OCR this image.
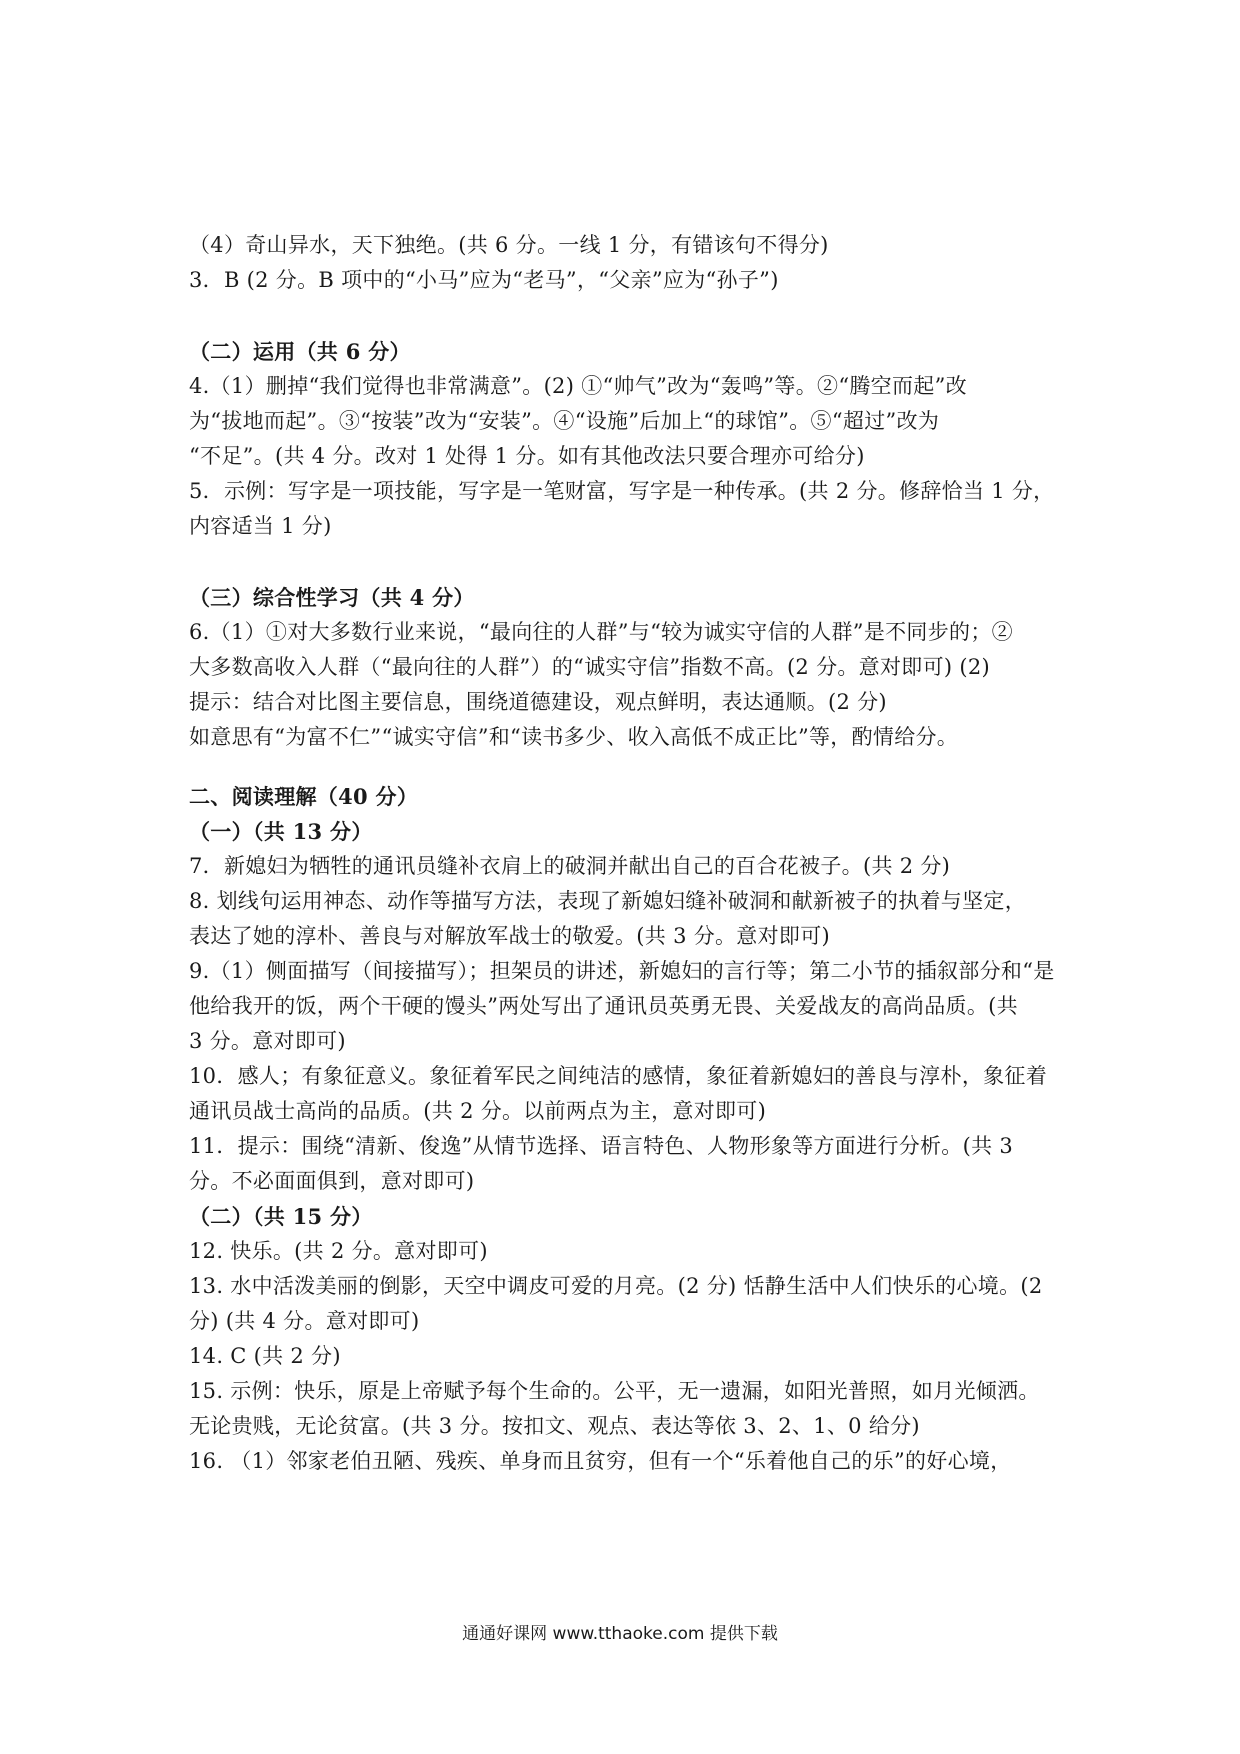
（4）奇山异水，天下独绝。(共 6 分。一线 1 分，有错该句不得分)
3．B (2 分。B 项中的“小马”应为“老马”，“父亲”应为“孙子”)
（二）运用（共 6 分）
4.（1）删掉“我们觉得也非常满意”。(2) ①“帅气”改为“轰鸣”等。②“腾空而起”改
为“拔地而起”。③“按装”改为“安装”。④“设施”后加上“的球馆”。⑤“超过”改为
“不足”。(共 4 分。改对 1 处得 1 分。如有其他改法只要合理亦可给分)
5．示例：写字是一项技能，写字是一笔财富，写字是一种传承。(共 2 分。修辞恰当 1 分，
内容适当 1 分)
（三）综合性学习（共 4 分）
6.（1）①对大多数行业来说，“最向往的人群”与“较为诚实守信的人群”是不同步的；②
大多数高收入人群（“最向往的人群”）的“诚实守信”指数不高。(2 分。意对即可) (2)
提示：结合对比图主要信息，围绕道德建设，观点鲜明，表达通顺。(2 分)
如意思有“为富不仁”“诚实守信”和“读书多少、收入高低不成正比”等，酌情给分。
二、阅读理解（40 分）
（一）（共 13 分）
7．新媳妇为牺牲的通讯员缝补衣肩上的破洞并献出自己的百合花被子。(共 2 分)
8. 划线句运用神态、动作等描写方法，表现了新媳妇缝补破洞和献新被子的执着与坚定，
表达了她的淳朴、善良与对解放军战士的敬爱。(共 3 分。意对即可)
9.（1）侧面描写（间接描写）；担架员的讲述，新媳妇的言行等；第二小节的插叙部分和“是
他给我开的饭，两个干硬的馒头”两处写出了通讯员英勇无畏、关爱战友的高尚品质。(共
3 分。意对即可)
10．感人；有象征意义。象征着军民之间纯洁的感情，象征着新媳妇的善良与淳朴，象征着
通讯员战士高尚的品质。(共 2 分。以前两点为主，意对即可)
11．提示：围绕“清新、俊逸”从情节选择、语言特色、人物形象等方面进行分析。(共 3
分。不必面面俱到，意对即可)
（二）（共 15 分）
12. 快乐。(共 2 分。意对即可)
13. 水中活泼美丽的倒影，天空中调皮可爱的月亮。(2 分) 恬静生活中人们快乐的心境。(2
分) (共 4 分。意对即可)
14. C (共 2 分)
15. 示例：快乐，原是上帝赋予每个生命的。公平，无一遗漏，如阳光普照，如月光倾洒。
无论贵贱，无论贫富。(共 3 分。按扣文、观点、表达等依 3、2、1、0 给分)
16. （1）邻家老伯丑陋、残疾、单身而且贫穷，但有一个“乐着他自己的乐”的好心境，
通通好课网 www.tthaoke.com 提供下载
